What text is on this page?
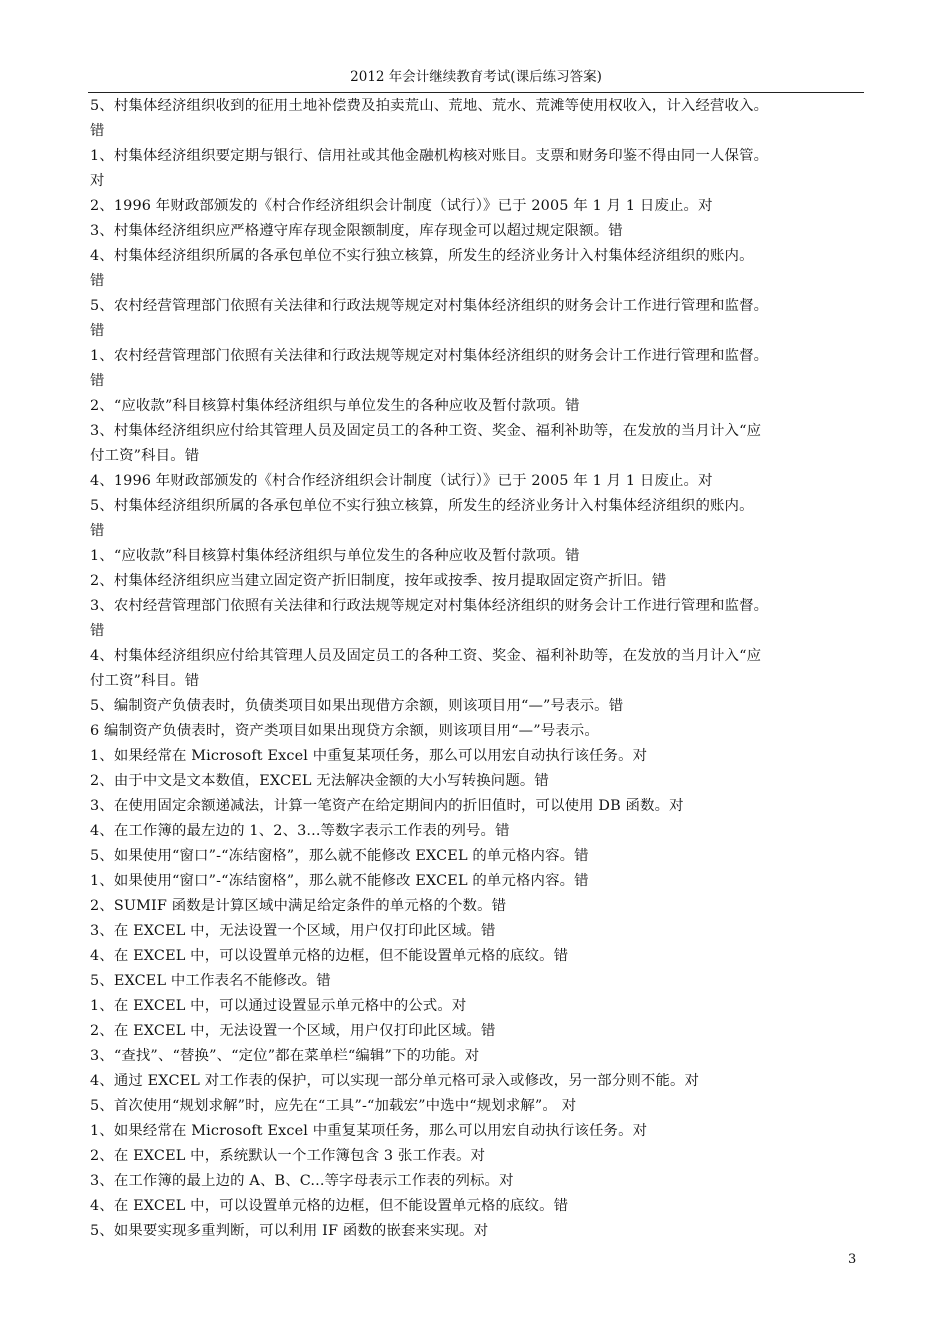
2012 年会计继续教育考试(课后练习答案)
5、村集体经济组织收到的征用土地补偿费及拍卖荒山、荒地、荒水、荒滩等使用权收入，计入经营收入。
错
1、村集体经济组织要定期与银行、信用社或其他金融机构核对账目。支票和财务印鉴不得由同一人保管。
对
2、1996 年财政部颁发的《村合作经济组织会计制度（试行）》已于 2005 年 1 月 1 日废止。对
3、村集体经济组织应严格遵守库存现金限额制度，库存现金可以超过规定限额。错
4、村集体经济组织所属的各承包单位不实行独立核算，所发生的经济业务计入村集体经济组织的账内。
错
5、农村经营管理部门依照有关法律和行政法规等规定对村集体经济组织的财务会计工作进行管理和监督。
错
1、农村经营管理部门依照有关法律和行政法规等规定对村集体经济组织的财务会计工作进行管理和监督。
错
2、“应收款”科目核算村集体经济组织与单位发生的各种应收及暂付款项。错
3、村集体经济组织应付给其管理人员及固定员工的各种工资、奖金、福利补助等，在发放的当月计入“应
付工资”科目。错
4、1996 年财政部颁发的《村合作经济组织会计制度（试行）》已于 2005 年 1 月 1 日废止。对
5、村集体经济组织所属的各承包单位不实行独立核算，所发生的经济业务计入村集体经济组织的账内。
错
1、“应收款”科目核算村集体经济组织与单位发生的各种应收及暂付款项。错
2、村集体经济组织应当建立固定资产折旧制度，按年或按季、按月提取固定资产折旧。错
3、农村经营管理部门依照有关法律和行政法规等规定对村集体经济组织的财务会计工作进行管理和监督。
错
4、村集体经济组织应付给其管理人员及固定员工的各种工资、奖金、福利补助等，在发放的当月计入“应
付工资”科目。错
5、编制资产负债表时，负债类项目如果出现借方余额，则该项目用“—”号表示。错
6 编制资产负债表时，资产类项目如果出现贷方余额，则该项目用“—”号表示。
1、如果经常在 Microsoft Excel 中重复某项任务，那么可以用宏自动执行该任务。对
2、由于中文是文本数值，EXCEL 无法解决金额的大小写转换问题。错
3、在使用固定余额递减法，计算一笔资产在给定期间内的折旧值时，可以使用 DB 函数。对
4、在工作簿的最左边的 1、2、3...等数字表示工作表的列号。错
5、如果使用“窗口”-“冻结窗格”，那么就不能修改 EXCEL 的单元格内容。错
1、如果使用“窗口”-“冻结窗格”，那么就不能修改 EXCEL 的单元格内容。错
2、SUMIF 函数是计算区域中满足给定条件的单元格的个数。错
3、在 EXCEL 中，无法设置一个区域，用户仅打印此区域。错
4、在 EXCEL 中，可以设置单元格的边框，但不能设置单元格的底纹。错
5、EXCEL 中工作表名不能修改。错
1、在 EXCEL 中，可以通过设置显示单元格中的公式。对
2、在 EXCEL 中，无法设置一个区域，用户仅打印此区域。错
3、“查找”、“替换”、“定位”都在菜单栏“编辑”下的功能。对
4、通过 EXCEL 对工作表的保护，可以实现一部分单元格可录入或修改，另一部分则不能。对
5、首次使用“规划求解”时，应先在“工具”-“加载宏”中选中“规划求解”。 对
1、如果经常在 Microsoft Excel 中重复某项任务，那么可以用宏自动执行该任务。对
2、在 EXCEL 中，系统默认一个工作簿包含 3 张工作表。对
3、在工作簿的最上边的 A、B、C...等字母表示工作表的列标。对
4、在 EXCEL 中，可以设置单元格的边框，但不能设置单元格的底纹。错
5、如果要实现多重判断，可以利用 IF 函数的嵌套来实现。对
3
